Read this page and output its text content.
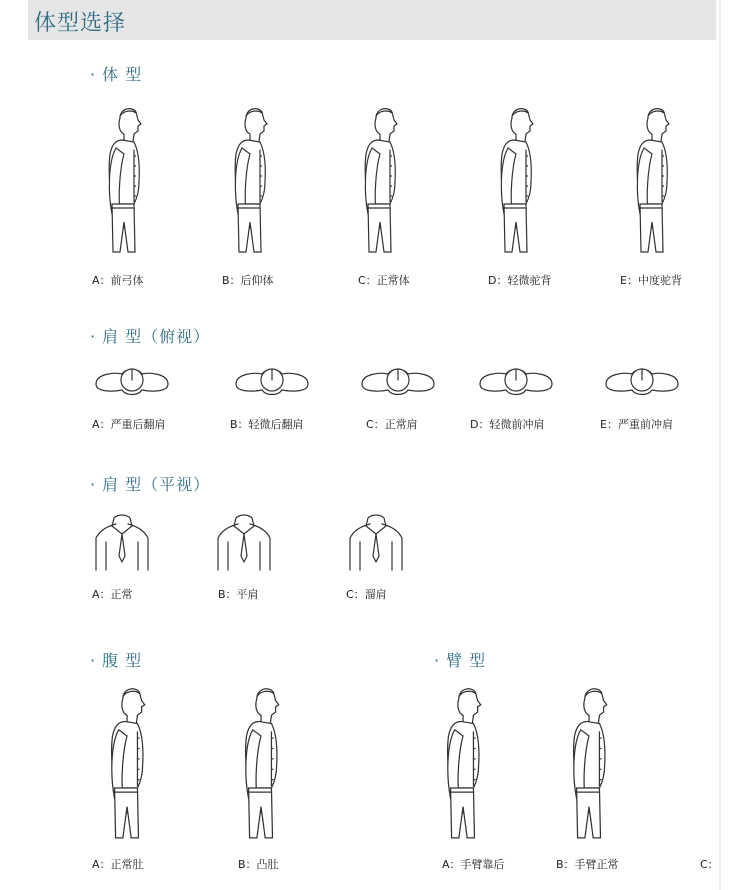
体型选择
· 体 型
A：前弓体	B：后仰体	C：正常体	D：轻微驼背	E：中度驼背
· 肩 型（俯视）
A：严重后翻肩	B：轻微后翻肩	C：正常肩	D：轻微前冲肩	E：严重前冲肩
· 肩 型（平视）
A：正常	B：平肩	C：溜肩
· 腹 型
A：正常肚	B：凸肚
· 臂 型
A：手臂靠后	B：手臂正常	C：
